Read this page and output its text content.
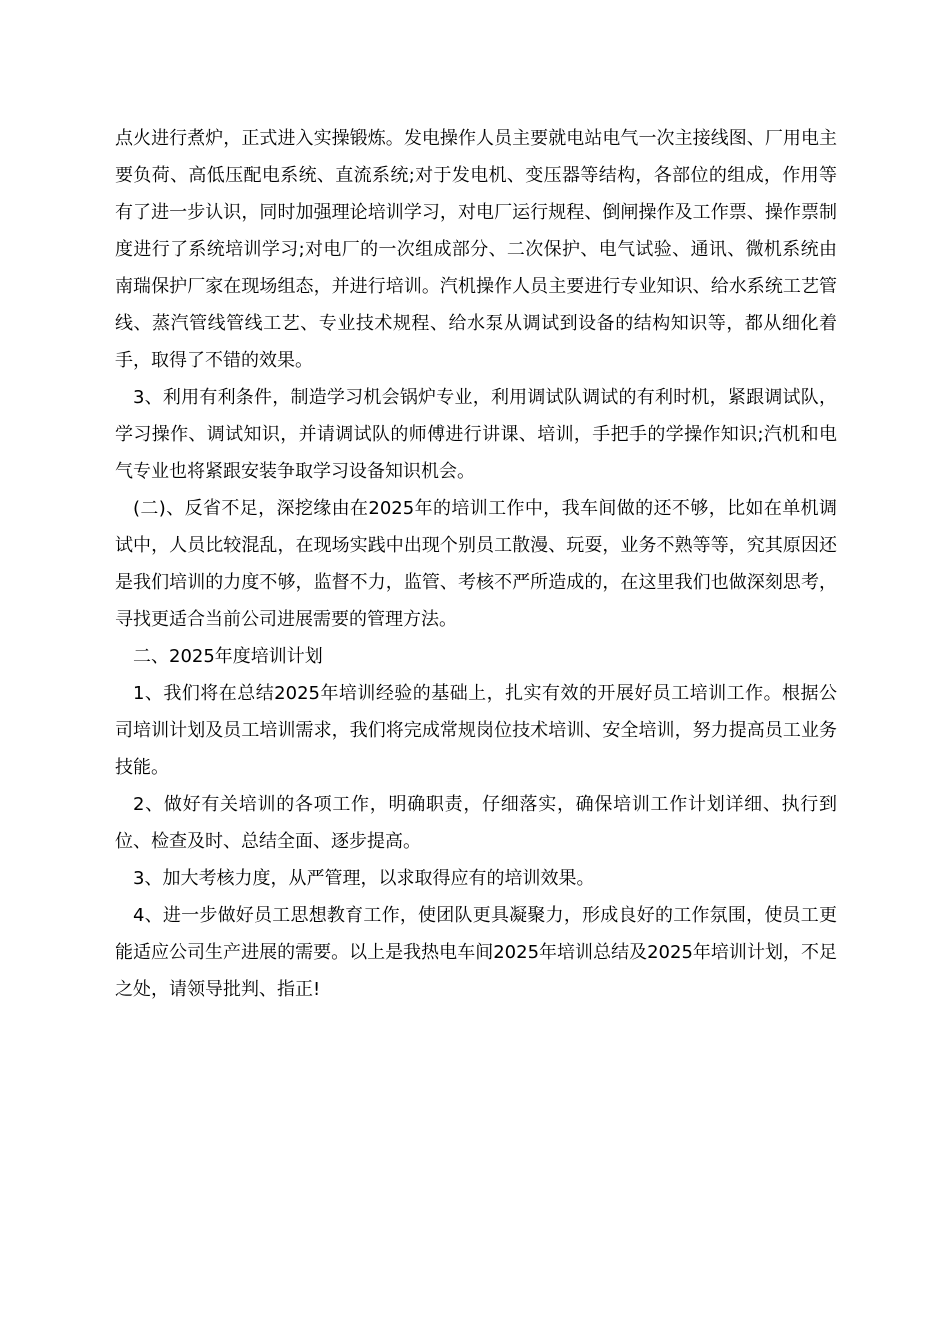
点火进行煮炉，正式进入实操锻炼。发电操作人员主要就电站电气一次主接线图、厂用电主要负荷、高低压配电系统、直流系统;对于发电机、变压器等结构，各部位的组成，作用等有了进一步认识，同时加强理论培训学习，对电厂运行规程、倒闸操作及工作票、操作票制度进行了系统培训学习;对电厂的一次组成部分、二次保护、电气试验、通讯、微机系统由南瑞保护厂家在现场组态，并进行培训。汽机操作人员主要进行专业知识、给水系统工艺管线、蒸汽管线管线工艺、专业技术规程、给水泵从调试到设备的结构知识等，都从细化着手，取得了不错的效果。

3、利用有利条件，制造学习机会锅炉专业，利用调试队调试的有利时机，紧跟调试队，学习操作、调试知识，并请调试队的师傅进行讲课、培训，手把手的学操作知识;汽机和电气专业也将紧跟安装争取学习设备知识机会。

(二)、反省不足，深挖缘由在2025年的培训工作中，我车间做的还不够，比如在单机调试中，人员比较混乱，在现场实践中出现个别员工散漫、玩耍，业务不熟等等，究其原因还是我们培训的力度不够，监督不力，监管、考核不严所造成的，在这里我们也做深刻思考，寻找更适合当前公司进展需要的管理方法。

二、2025年度培训计划

1、我们将在总结2025年培训经验的基础上，扎实有效的开展好员工培训工作。根据公司培训计划及员工培训需求，我们将完成常规岗位技术培训、安全培训，努力提高员工业务技能。

2、做好有关培训的各项工作，明确职责，仔细落实，确保培训工作计划详细、执行到位、检查及时、总结全面、逐步提高。

3、加大考核力度，从严管理，以求取得应有的培训效果。

4、进一步做好员工思想教育工作，使团队更具凝聚力，形成良好的工作氛围，使员工更能适应公司生产进展的需要。以上是我热电车间2025年培训总结及2025年培训计划，不足之处，请领导批判、指正!
